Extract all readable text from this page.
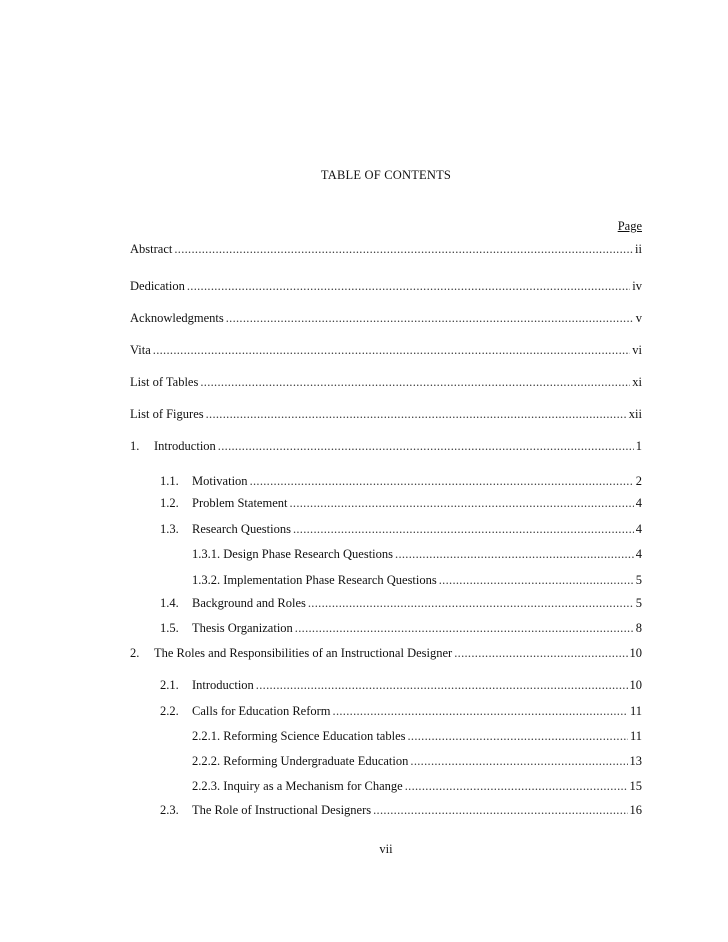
TABLE OF CONTENTS
Page
Abstract .....	ii
Dedication .....	iv
Acknowledgments .....	v
Vita .....	vi
List of Tables .....	xi
List of Figures .....	xii
1. Introduction .....	1
1.1. Motivation .....	2
1.2. Problem Statement .....	4
1.3. Research Questions .....	4
1.3.1. Design Phase Research Questions .....	4
1.3.2. Implementation Phase Research Questions .....	5
1.4. Background and Roles .....	5
1.5. Thesis Organization .....	8
2. The Roles and Responsibilities of an Instructional Designer .....	10
2.1. Introduction .....	10
2.2. Calls for Education Reform .....	11
2.2.1. Reforming Science Education tables .....	11
2.2.2. Reforming Undergraduate Education .....	13
2.2.3. Inquiry as a Mechanism for Change .....	15
2.3. The Role of Instructional Designers .....	16
vii
